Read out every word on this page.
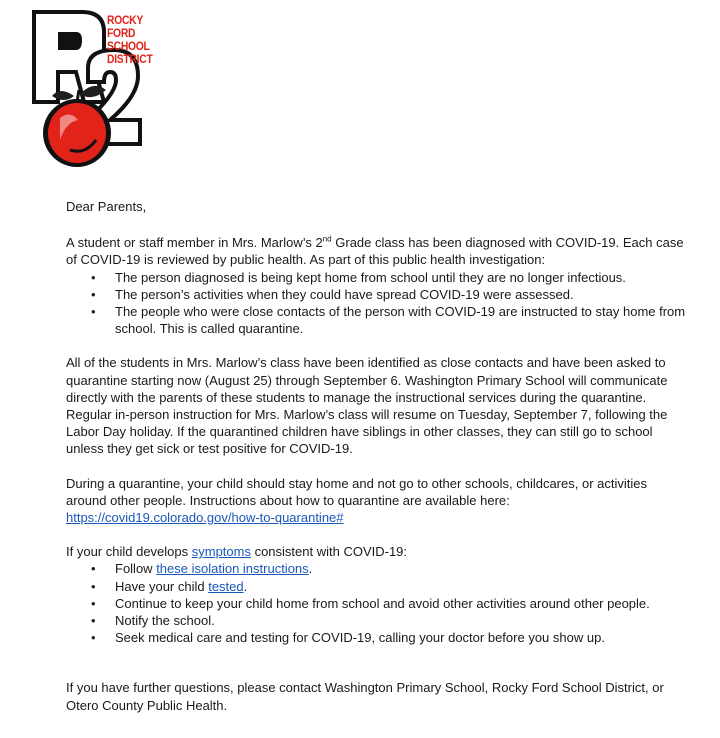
ROCKY
FORD
SCHOOL
DISTRICT

Dear Parents,

A student or staff member in Mrs. Marlow’s 2nd Grade class has been diagnosed with COVID-19. Each case of COVID-19 is reviewed by public health. As part of this public health investigation:

• The person diagnosed is being kept home from school until they are no longer infectious.
• The person’s activities when they could have spread COVID-19 were assessed.
• The people who were close contacts of the person with COVID-19 are instructed to stay home from school. This is called quarantine.

All of the students in Mrs. Marlow’s class have been identified as close contacts and have been asked to quarantine starting now (August 25) through September 6. Washington Primary School will communicate directly with the parents of these students to manage the instructional services during the quarantine. Regular in-person instruction for Mrs. Marlow’s class will resume on Tuesday, September 7, following the Labor Day holiday. If the quarantined children have siblings in other classes, they can still go to school unless they get sick or test positive for COVID-19.

During a quarantine, your child should stay home and not go to other schools, childcares, or activities around other people. Instructions about how to quarantine are available here:
https://covid19.colorado.gov/how-to-quarantine#

If your child develops symptoms consistent with COVID-19:

• Follow these isolation instructions.
• Have your child tested.
• Continue to keep your child home from school and avoid other activities around other people.
• Notify the school.
• Seek medical care and testing for COVID-19, calling your doctor before you show up.

If you have further questions, please contact Washington Primary School, Rocky Ford School District, or Otero County Public Health.
